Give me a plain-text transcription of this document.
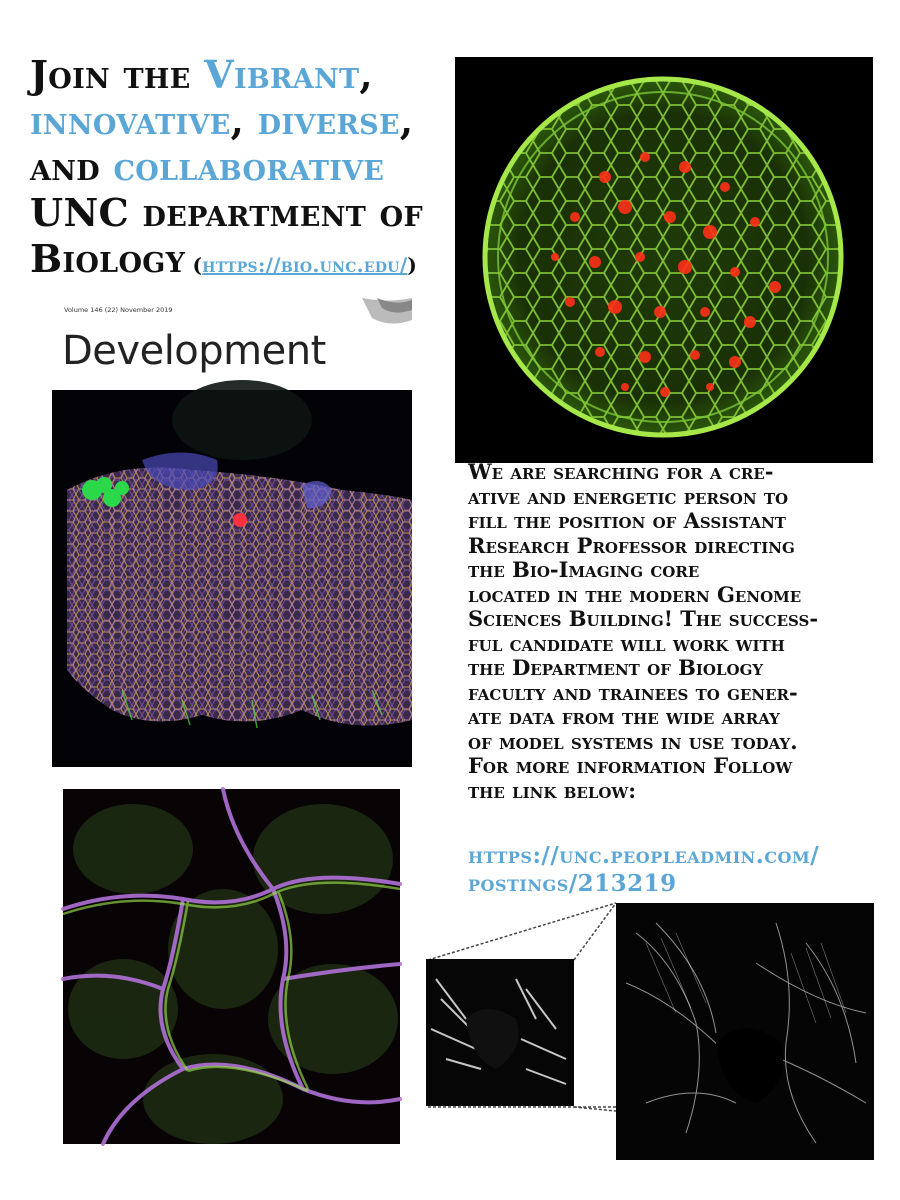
Join the Vibrant,
innovative, diverse,
and collaborative
UNC department of
Biology (https://bio.unc.edu/)
Volume 146 (22) November 2019
Development
We are searching for a cre-
ative and energetic person to
fill the position of Assistant
Research Professor directing
the Bio-Imaging core
located in the modern Genome
Sciences Building! The success-
ful candidate will work with
the Department of Biology
faculty and trainees to gener-
ate data from the wide array
of model systems in use today.
For more information Follow
the link below:
https://unc.peopleadmin.com/
postings/213219
